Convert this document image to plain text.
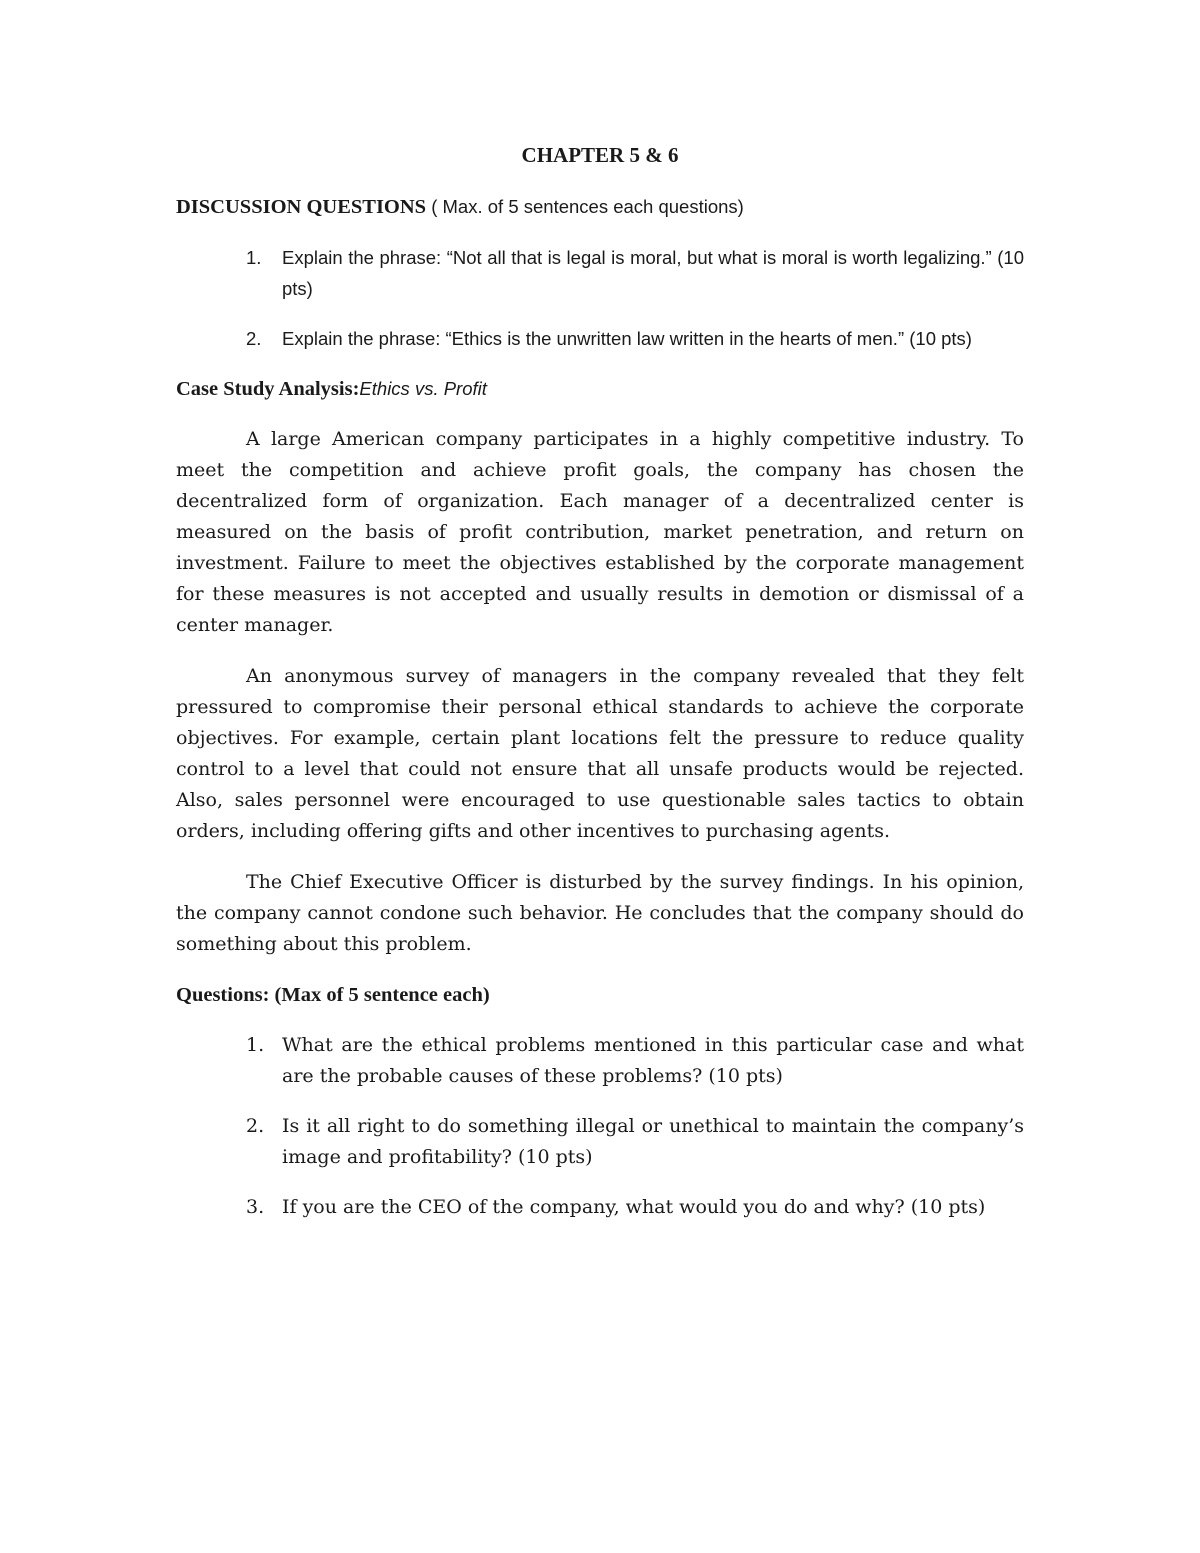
CHAPTER 5 & 6
DISCUSSION QUESTIONS ( Max. of 5 sentences each questions)
1. Explain the phrase: “Not all that is legal is moral, but what is moral is worth legalizing.” (10 pts)
2. Explain the phrase: “Ethics is the unwritten law written in the hearts of men.” (10 pts)
Case Study Analysis:Ethics vs. Profit

A large American company participates in a highly competitive industry. To meet the competition and achieve profit goals, the company has chosen the decentralized form of organization. Each manager of a decentralized center is measured on the basis of profit contribution, market penetration, and return on investment. Failure to meet the objectives established by the corporate management for these measures is not accepted and usually results in demotion or dismissal of a center manager.

An anonymous survey of managers in the company revealed that they felt pressured to compromise their personal ethical standards to achieve the corporate objectives. For example, certain plant locations felt the pressure to reduce quality control to a level that could not ensure that all unsafe products would be rejected. Also, sales personnel were encouraged to use questionable sales tactics to obtain orders, including offering gifts and other incentives to purchasing agents.

The Chief Executive Officer is disturbed by the survey findings. In his opinion, the company cannot condone such behavior. He concludes that the company should do something about this problem.

Questions: (Max of 5 sentence each)
1. What are the ethical problems mentioned in this particular case and what are the probable causes of these problems? (10 pts)
2. Is it all right to do something illegal or unethical to maintain the company’s image and profitability? (10 pts)
3. If you are the CEO of the company, what would you do and why? (10 pts)
